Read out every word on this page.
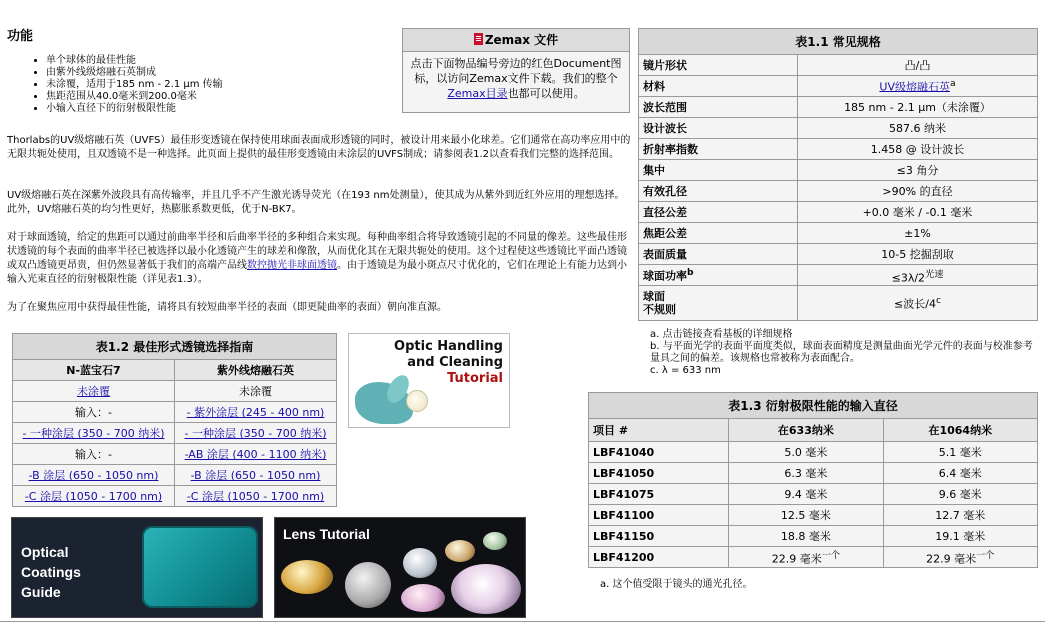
功能
• 单个球体的最佳性能
• 由紫外线级熔融石英制成
• 未涂覆，适用于185 nm - 2.1 µm 传输
• 焦距范围从40.0毫米到200.0毫米
• 小输入直径下的衍射极限性能

Thorlabs的UV级熔融石英（UVFS）最佳形变透镜在保持使用球面表面成形透镜的同时，被设计用来最小化球差。它们通常在高功率应用中的无限共轭处使用，且双透镜不是一种选择。此页面上提供的最佳形变透镜由未涂层的UVFS制成；请参阅表1.2以查看我们完整的选择范围。

UV级熔融石英在深紫外波段具有高传输率，并且几乎不产生激光诱导荧光（在193 nm处测量），使其成为从紫外到近红外应用的理想选择。此外，UV熔融石英的均匀性更好，热膨胀系数更低，优于N-BK7。

对于球面透镜，给定的焦距可以通过前曲率半径和后曲率半径的多种组合来实现。每种曲率组合将导致透镜引起的不同量的像差。这些最佳形状透镜的每个表面的曲率半径已被选择以最小化透镜产生的球差和像散，从而优化其在无限共轭处的使用。这个过程使这些透镜比平面凸透镜或双凸透镜更昂贵，但仍然显著低于我们的高端产品线数控抛光非球面透镜。由于透镜是为最小斑点尺寸优化的，它们在理论上有能力达到小输入光束直径的衍射极限性能（详见表1.3）。

为了在聚焦应用中获得最佳性能，请将具有较短曲率半径的表面（即更陡曲率的表面）朝向准直源。

Zemax 文件
点击下面物品编号旁边的红色Document图标，以访问Zemax文件下载。我们的整个Zemax目录也都可以使用。
表1.1 常见规格	
镜片形状	凸/凸
材料	UV级熔融石英$^a$
波长范围	185 nm - 2.1 µm（未涂覆）
设计波长	587.6 纳米
折射率指数	1.458 @ 设计波长
集中	≤3 角分
有效孔径	>90% 的直径
直径公差	+0.0 毫米 / -0.1 毫米
焦距公差	±1%
表面质量	10-5 挖掘刮取
球面功率$^b$	$\le 3\lambda/2^{光速}$
球面
不规则	≤波长/4$^c$
a. 点击链接查看基板的详细规格
b. 与平面光学的表面平面度类似，球面表面精度是测量曲面光学元件的表面与校准参考量具之间的偏差。该规格也常被称为表面配合。
c. λ = 633 nm
表1.2 最佳形式透镜选择指南	
N-蓝宝石7	紫外线熔融石英
未涂覆	未涂覆
输入：-	- 紫外涂层 (245 - 400 nm)
- 一种涂层 (350 - 700 纳米)	- 一种涂层 (350 - 700 纳米)
输入：-	-AB 涂层 (400 - 1100 纳米)
-B 涂层 (650 - 1050 nm)	-B 涂层 (650 - 1050 nm)
-C 涂层 (1050 - 1700 nm)	-C 涂层 (1050 - 1700 nm)
Optic Handling
and Cleaning
Tutorial
表1.3 衍射极限性能的输入直径		
项目 #	在633纳米	在1064纳米
LBF41040	5.0 毫米	5.1 毫米
LBF41050	6.3 毫米	6.4 毫米
LBF41075	9.4 毫米	9.6 毫米
LBF41100	12.5 毫米	12.7 毫米
LBF41150	18.8 毫米	19.1 毫米
LBF41200	22.9 毫米$^{一个}$	22.9 毫米$^{一个}$
a. 这个值受限于镜头的通光孔径。
Optical
Coatings
Guide
Lens Tutorial
